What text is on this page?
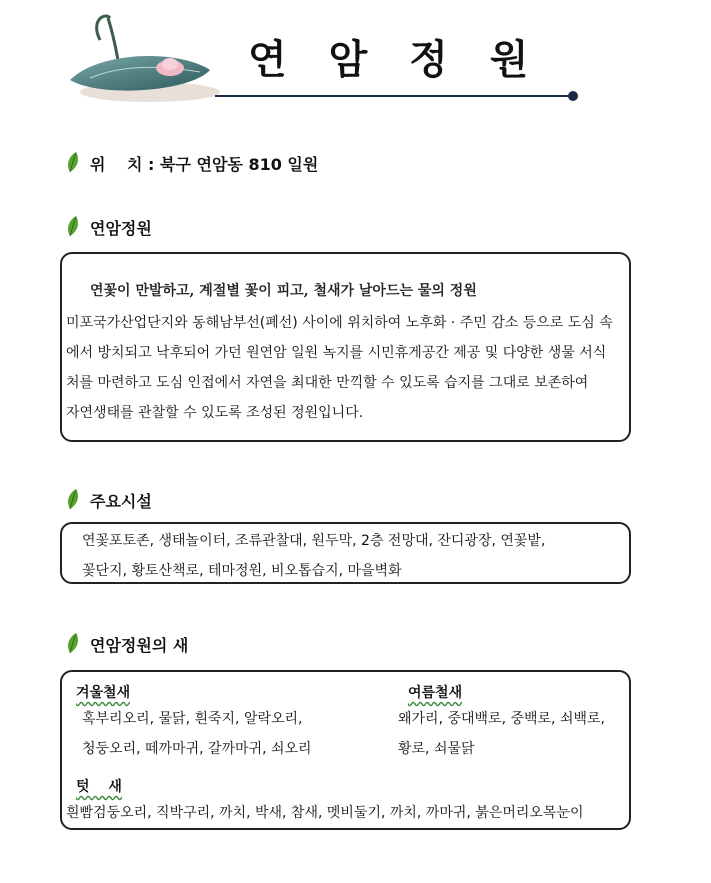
연 암 정 원
위　 치 : 북구 연암동 810 일원
연암정원
연꽃이 만발하고, 계절별 꽃이 피고, 철새가 날아드는 물의 정원
미포국가산업단지와 동해남부선(폐선) 사이에 위치하여 노후화 · 주민 감소 등으로 도심 속
에서 방치되고 낙후되어 가던 원연암 일원 녹지를 시민휴게공간 제공 및 다양한 생물 서식
처를 마련하고 도심 인접에서 자연을 최대한 만끽할 수 있도록 습지를 그대로 보존하여
자연생태를 관찰할 수 있도록 조성된 정원입니다.
주요시설
연꽃포토존, 생태놀이터, 조류관찰대, 원두막, 2층 전망대, 잔디광장, 연꽃밭,
꽃단지, 황토산책로, 테마정원, 비오톱습지, 마을벽화
연암정원의 새
겨울철새
혹부리오리, 물닭, 흰죽지, 알락오리,
청둥오리, 떼까마귀, 갈까마귀, 쇠오리
여름철새
왜가리, 중대백로, 중백로, 쇠백로,
황로, 쇠물닭
텃　 새
흰빰검둥오리, 직박구리, 까치, 박새, 참새, 멧비둘기, 까치, 까마귀, 붉은머리오목눈이
